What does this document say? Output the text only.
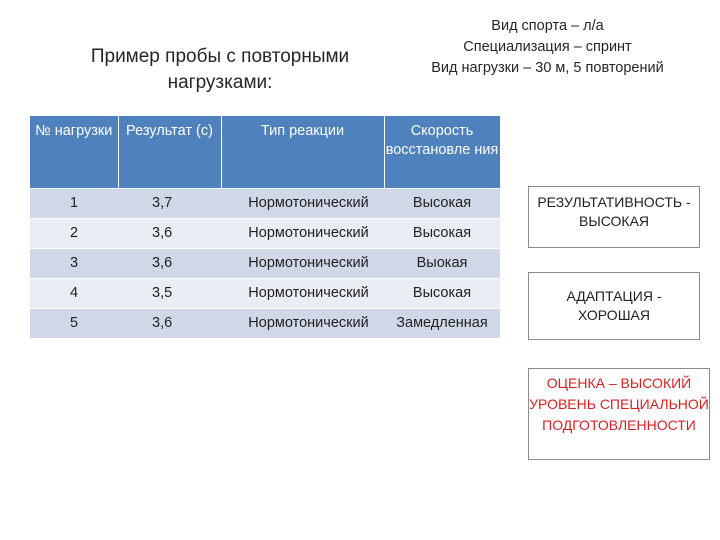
Пример пробы с повторными нагрузками:
Вид спорта – л/а
Специализация – спринт
Вид нагрузки – 30 м, 5 повторений
№ нагрузки	Результат (с)	Тип реакции	Скорость восстановле ния
1	3,7	Нормотонический	Высокая
2	3,6	Нормотонический	Высокая
3	3,6	Нормотонический	Выокая
4	3,5	Нормотонический	Высокая
5	3,6	Нормотонический	Замедленная
РЕЗУЛЬТАТИВНОСТЬ - ВЫСОКАЯ
АДАПТАЦИЯ - ХОРОШАЯ
ОЦЕНКА – ВЫСОКИЙ УРОВЕНЬ СПЕЦИАЛЬНОЙ ПОДГОТОВЛЕННОСТИ
